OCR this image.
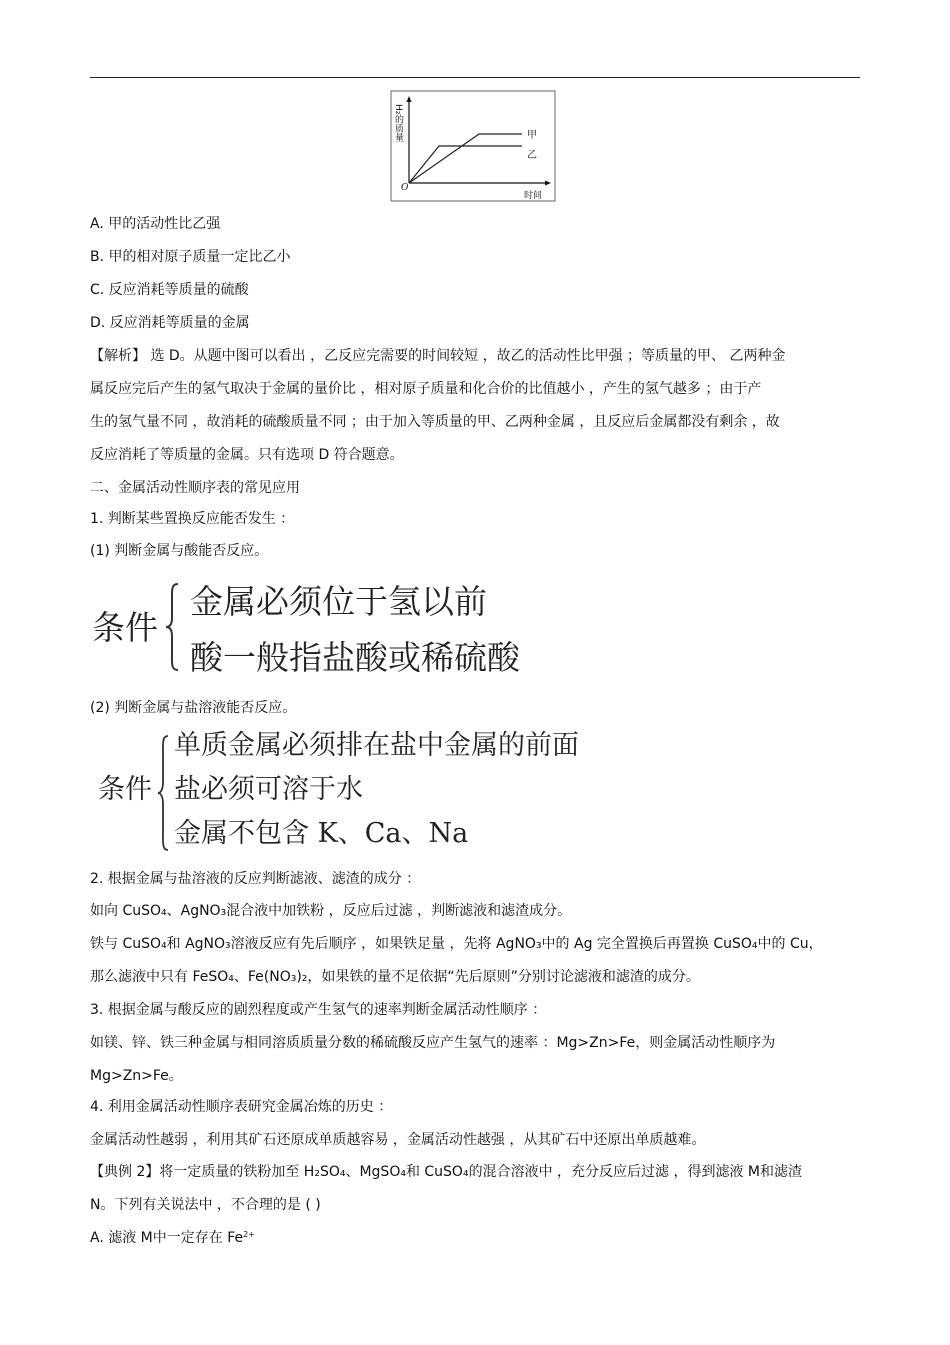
H₂的质量
O
时间
甲
乙
A. 甲的活动性比乙强
B. 甲的相对原子质量一定比乙小
C. 反应消耗等质量的硫酸
D. 反应消耗等质量的金属
【解析】 选 D。从题中图可以看出 ，乙反应完需要的时间较短 ，故乙的活动性比甲强 ；等质量的甲、 乙两种金
属反应完后产生的氢气取决于金属的量价比 ，相对原子质量和化合价的比值越小 ，产生的氢气越多 ；由于产
生的氢气量不同 ，故消耗的硫酸质量不同 ；由于加入等质量的甲、乙两种金属 ，且反应后金属都没有剩余 ，故
反应消耗了等质量的金属。只有选项 D 符合题意。
二、金属活动性顺序表的常见应用
1. 判断某些置换反应能否发生 ：
(1) 判断金属与酸能否反应。
条件
金属必须位于氢以前
酸一般指盐酸或稀硫酸
(2) 判断金属与盐溶液能否反应。
条件
单质金属必须排在盐中金属的前面
盐必须可溶于水
金属不包含 K、Ca、Na
2. 根据金属与盐溶液的反应判断滤液、滤渣的成分 ：
如向 CuSO₄、AgNO₃混合液中加铁粉 ，反应后过滤 ，判断滤液和滤渣成分。
铁与 CuSO₄和 AgNO₃溶液反应有先后顺序 ，如果铁足量 ，先将 AgNO₃中的 Ag 完全置换后再置换 CuSO₄中的 Cu，
那么滤液中只有 FeSO₄、Fe(NO₃)₂，如果铁的量不足依据“先后原则”分别讨论滤液和滤渣的成分。
3. 根据金属与酸反应的剧烈程度或产生氢气的速率判断金属活动性顺序 ：
如镁、锌、铁三种金属与相同溶质质量分数的稀硫酸反应产生氢气的速率 ：Mg>Zn>Fe，则金属活动性顺序为
Mg>Zn>Fe。
4. 利用金属活动性顺序表研究金属冶炼的历史 ：
金属活动性越弱 ，利用其矿石还原成单质越容易 ，金属活动性越强 ，从其矿石中还原出单质越难。
【典例 2】将一定质量的铁粉加至 H₂SO₄、MgSO₄和 CuSO₄的混合溶液中 ，充分反应后过滤 ，得到滤液 M和滤渣
N。下列有关说法中 ，不合理的是 ( )
A. 滤液 M中一定存在 $Fe^{2+}$
